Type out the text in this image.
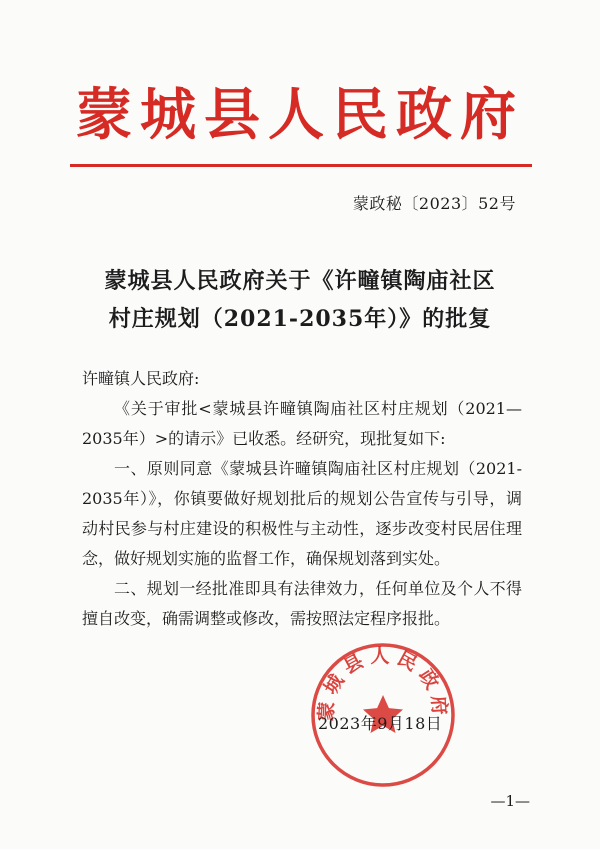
蒙城县人民政府
蒙政秘〔2023〕52号
蒙城县人民政府关于《许疃镇陶庙社区
村庄规划（2021-2035年）》的批复
许疃镇人民政府:

《关于审批<蒙城县许疃镇陶庙社区村庄规划（2021—2035年）>的请示》已收悉。经研究，现批复如下:

一、原则同意《蒙城县许疃镇陶庙社区村庄规划（2021-2035年）》，你镇要做好规划批后的规划公告宣传与引导，调动村民参与村庄建设的积极性与主动性，逐步改变村民居住理念，做好规划实施的监督工作，确保规划落到实处。

二、规划一经批准即具有法律效力，任何单位及个人不得擅自改变，确需调整或修改，需按照法定程序报批。

蒙城县人民政府
2023年9月18日
—1—
